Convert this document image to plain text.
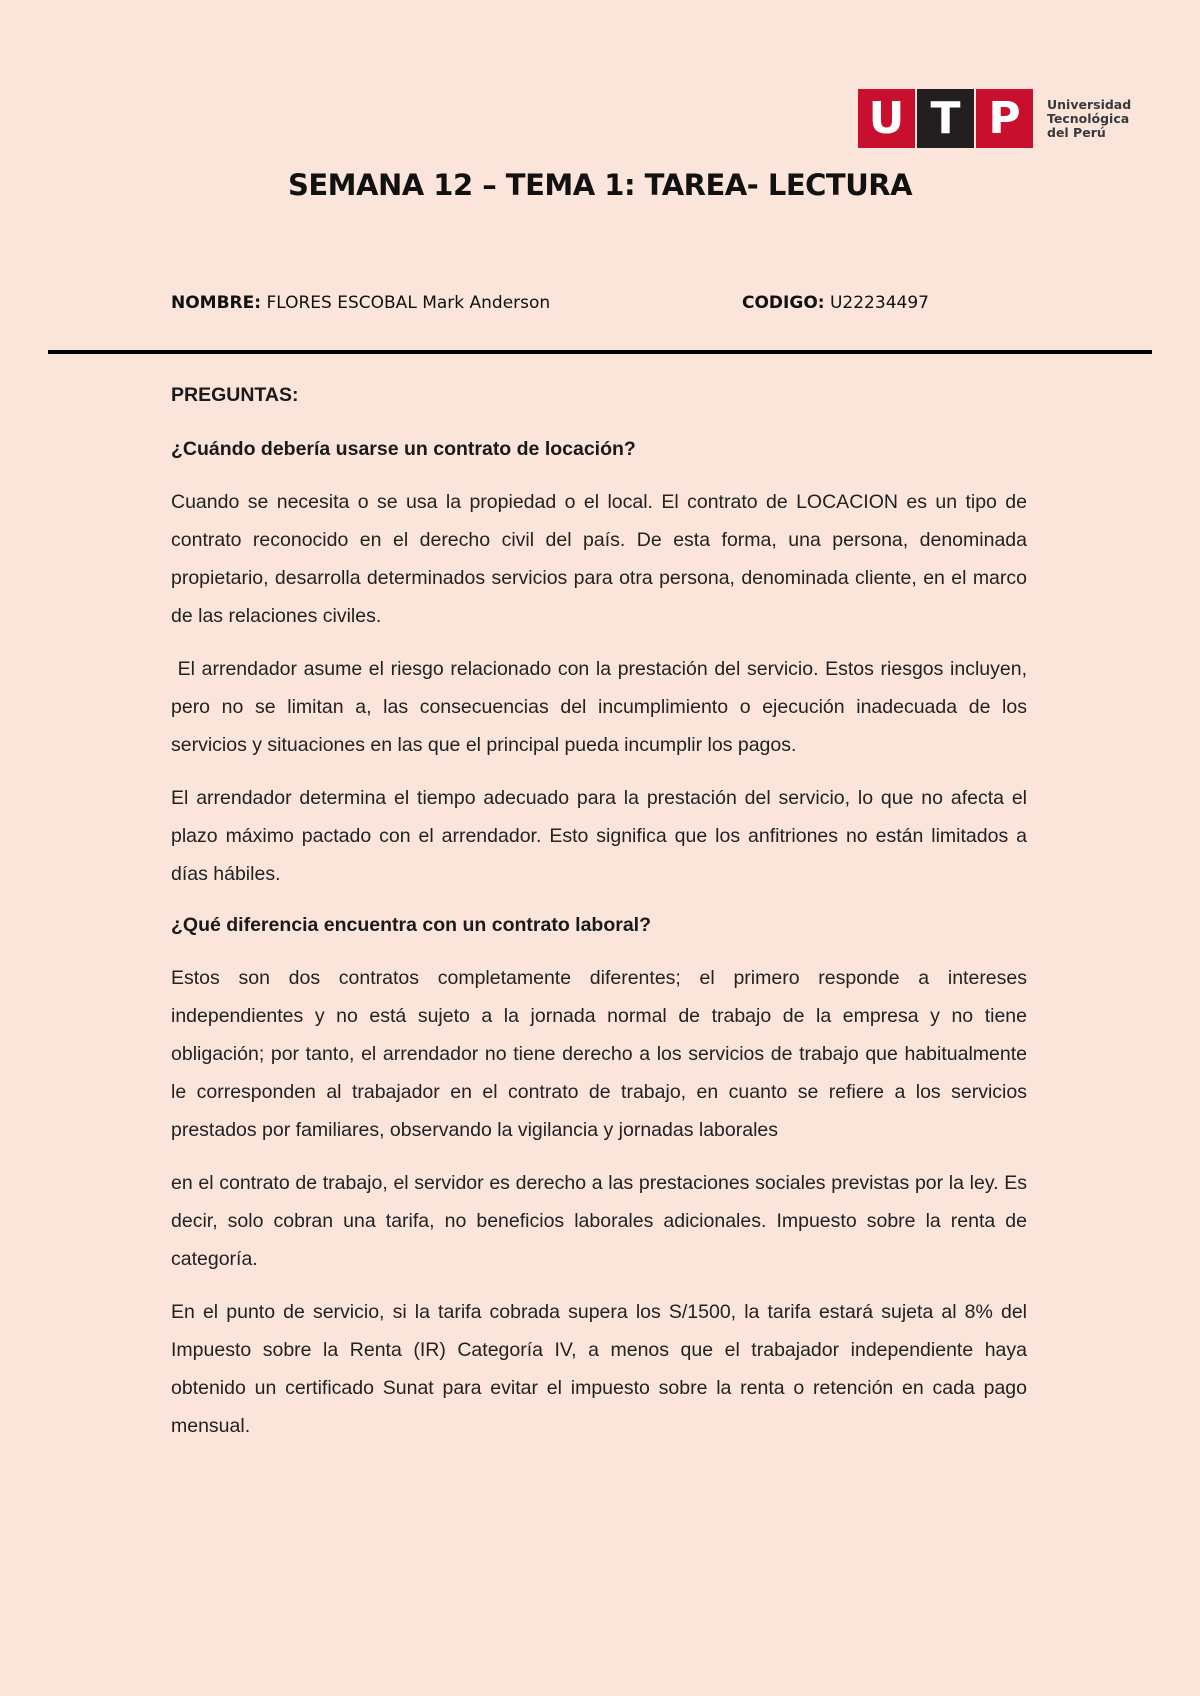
U T P	Universidad
Tecnológica
del Perú
SEMANA 12 – TEMA 1: TAREA- LECTURA
NOMBRE: FLORES ESCOBAL Mark Anderson	CODIGO: U22234497

PREGUNTAS:

¿Cuándo debería usarse un contrato de locación?

Cuando se necesita o se usa la propiedad o el local. El contrato de LOCACION es un tipo de contrato reconocido en el derecho civil del país. De esta forma, una persona, denominada propietario, desarrolla determinados servicios para otra persona, denominada cliente, en el marco de las relaciones civiles.

El arrendador asume el riesgo relacionado con la prestación del servicio. Estos riesgos incluyen, pero no se limitan a, las consecuencias del incumplimiento o ejecución inadecuada de los servicios y situaciones en las que el principal pueda incumplir los pagos.

El arrendador determina el tiempo adecuado para la prestación del servicio, lo que no afecta el plazo máximo pactado con el arrendador. Esto significa que los anfitriones no están limitados a días hábiles.

¿Qué diferencia encuentra con un contrato laboral?

Estos son dos contratos completamente diferentes; el primero responde a intereses independientes y no está sujeto a la jornada normal de trabajo de la empresa y no tiene obligación; por tanto, el arrendador no tiene derecho a los servicios de trabajo que habitualmente le corresponden al trabajador en el contrato de trabajo, en cuanto se refiere a los servicios prestados por familiares, observando la vigilancia y jornadas laborales

en el contrato de trabajo, el servidor es derecho a las prestaciones sociales previstas por la ley. Es decir, solo cobran una tarifa, no beneficios laborales adicionales. Impuesto sobre la renta de categoría.

En el punto de servicio, si la tarifa cobrada supera los S/1500, la tarifa estará sujeta al 8% del Impuesto sobre la Renta (IR) Categoría IV, a menos que el trabajador independiente haya obtenido un certificado Sunat para evitar el impuesto sobre la renta o retención en cada pago mensual.
